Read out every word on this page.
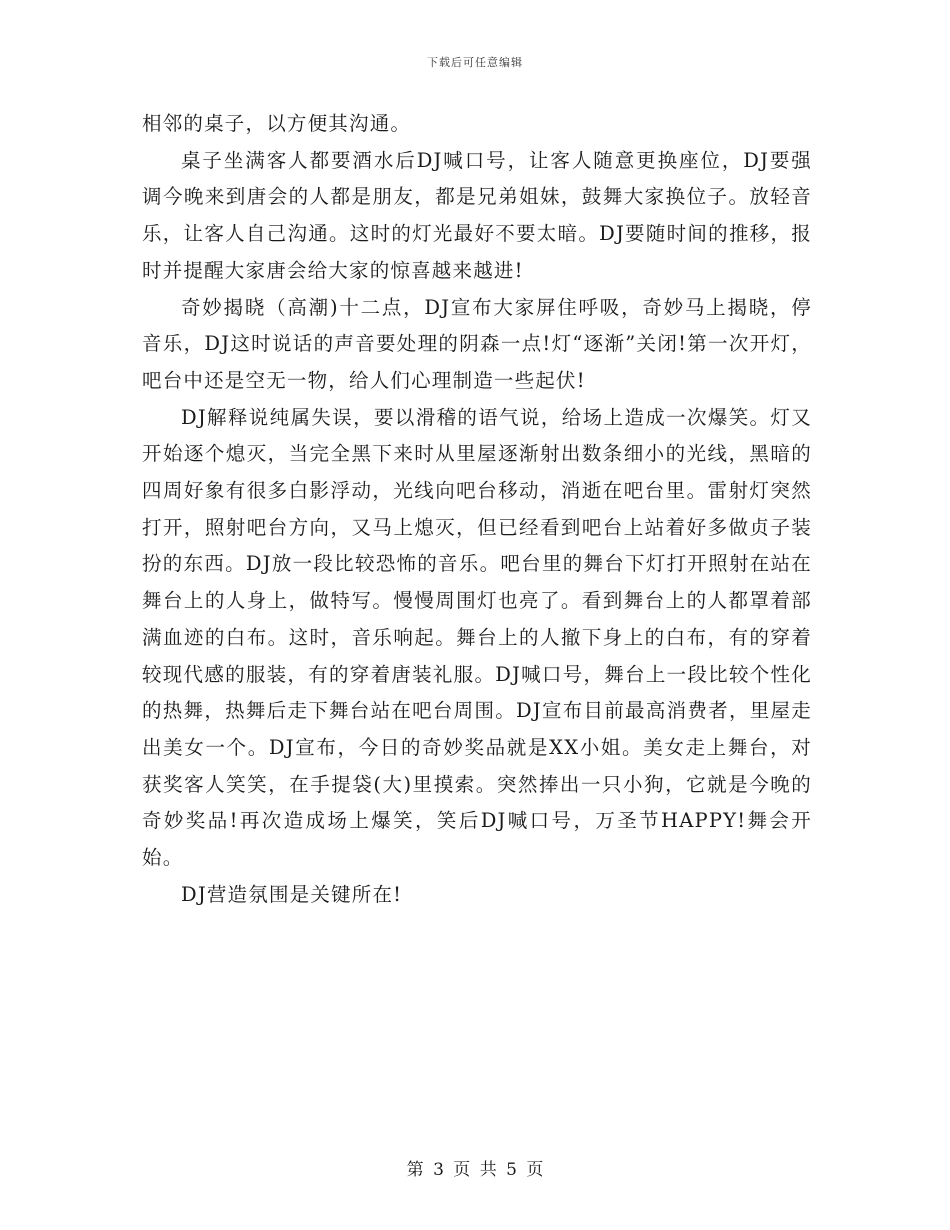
下载后可任意编辑

相邻的桌子，以方便其沟通。

桌子坐满客人都要酒水后DJ喊口号，让客人随意更换座位，DJ要强调今晚来到唐会的人都是朋友，都是兄弟姐妹，鼓舞大家换位子。放轻音乐，让客人自己沟通。这时的灯光最好不要太暗。DJ要随时间的推移，报时并提醒大家唐会给大家的惊喜越来越进!

奇妙揭晓（高潮)十二点，DJ宣布大家屏住呼吸，奇妙马上揭晓，停音乐，DJ这时说话的声音要处理的阴森一点!灯“逐渐”关闭!第一次开灯，吧台中还是空无一物，给人们心理制造一些起伏!

DJ解释说纯属失误，要以滑稽的语气说，给场上造成一次爆笑。灯又开始逐个熄灭，当完全黑下来时从里屋逐渐射出数条细小的光线，黑暗的四周好象有很多白影浮动，光线向吧台移动，消逝在吧台里。雷射灯突然打开，照射吧台方向，又马上熄灭，但已经看到吧台上站着好多做贞子装扮的东西。DJ放一段比较恐怖的音乐。吧台里的舞台下灯打开照射在站在舞台上的人身上，做特写。慢慢周围灯也亮了。看到舞台上的人都罩着部满血迹的白布。这时，音乐响起。舞台上的人撤下身上的白布，有的穿着较现代感的服装，有的穿着唐装礼服。DJ喊口号，舞台上一段比较个性化的热舞，热舞后走下舞台站在吧台周围。DJ宣布目前最高消费者，里屋走出美女一个。DJ宣布，今日的奇妙奖品就是XX小姐。美女走上舞台，对获奖客人笑笑，在手提袋(大)里摸索。突然捧出一只小狗，它就是今晚的奇妙奖品!再次造成场上爆笑，笑后DJ喊口号，万圣节HAPPY!舞会开始。

DJ营造氛围是关键所在!

第 3 页 共 5 页
